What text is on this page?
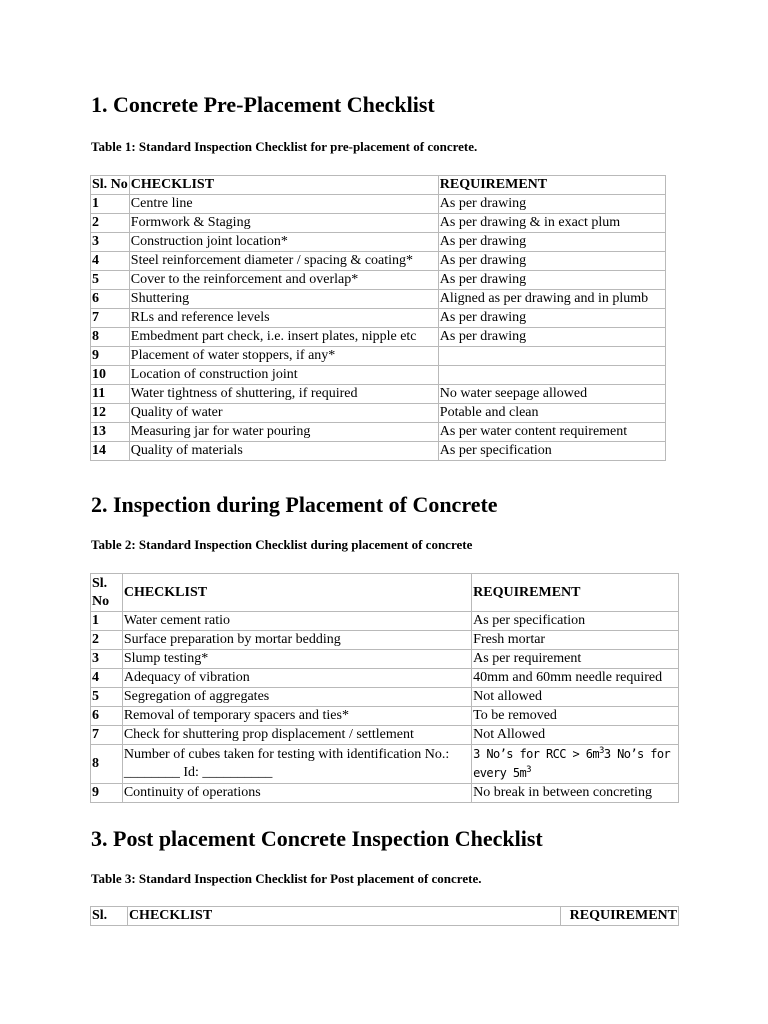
1. Concrete Pre-Placement Checklist

Table 1: Standard Inspection Checklist for pre-placement of concrete.

Sl. No	CHECKLIST	REQUIREMENT
1	Centre line	As per drawing
2	Formwork & Staging	As per drawing & in exact plum
3	Construction joint location*	As per drawing
4	Steel reinforcement diameter / spacing & coating*	As per drawing
5	Cover to the reinforcement and overlap*	As per drawing
6	Shuttering	Aligned as per drawing and in plumb
7	RLs and reference levels	As per drawing
8	Embedment part check, i.e. insert plates, nipple etc	As per drawing
9	Placement of water stoppers, if any*	
10	Location of construction joint	
11	Water tightness of shuttering, if required	No water seepage allowed
12	Quality of water	Potable and clean
13	Measuring jar for water pouring	As per water content requirement
14	Quality of materials	As per specification
2. Inspection during Placement of Concrete

Table 2: Standard Inspection Checklist during placement of concrete

Sl. No	CHECKLIST	REQUIREMENT
1	Water cement ratio	As per specification
2	Surface preparation by mortar bedding	Fresh mortar
3	Slump testing*	As per requirement
4	Adequacy of vibration	40mm and 60mm needle required
5	Segregation of aggregates	Not allowed
6	Removal of temporary spacers and ties*	To be removed
7	Check for shuttering prop displacement / settlement	Not Allowed
8	Number of cubes taken for testing with identification No.: ________ Id: __________	3 No’s for RCC > $6m^33$ No’s for every $5m^3$
9	Continuity of operations	No break in between concreting
3. Post placement Concrete Inspection Checklist

Table 3: Standard Inspection Checklist for Post placement of concrete.

Sl.	CHECKLIST	REQUIREMENT
